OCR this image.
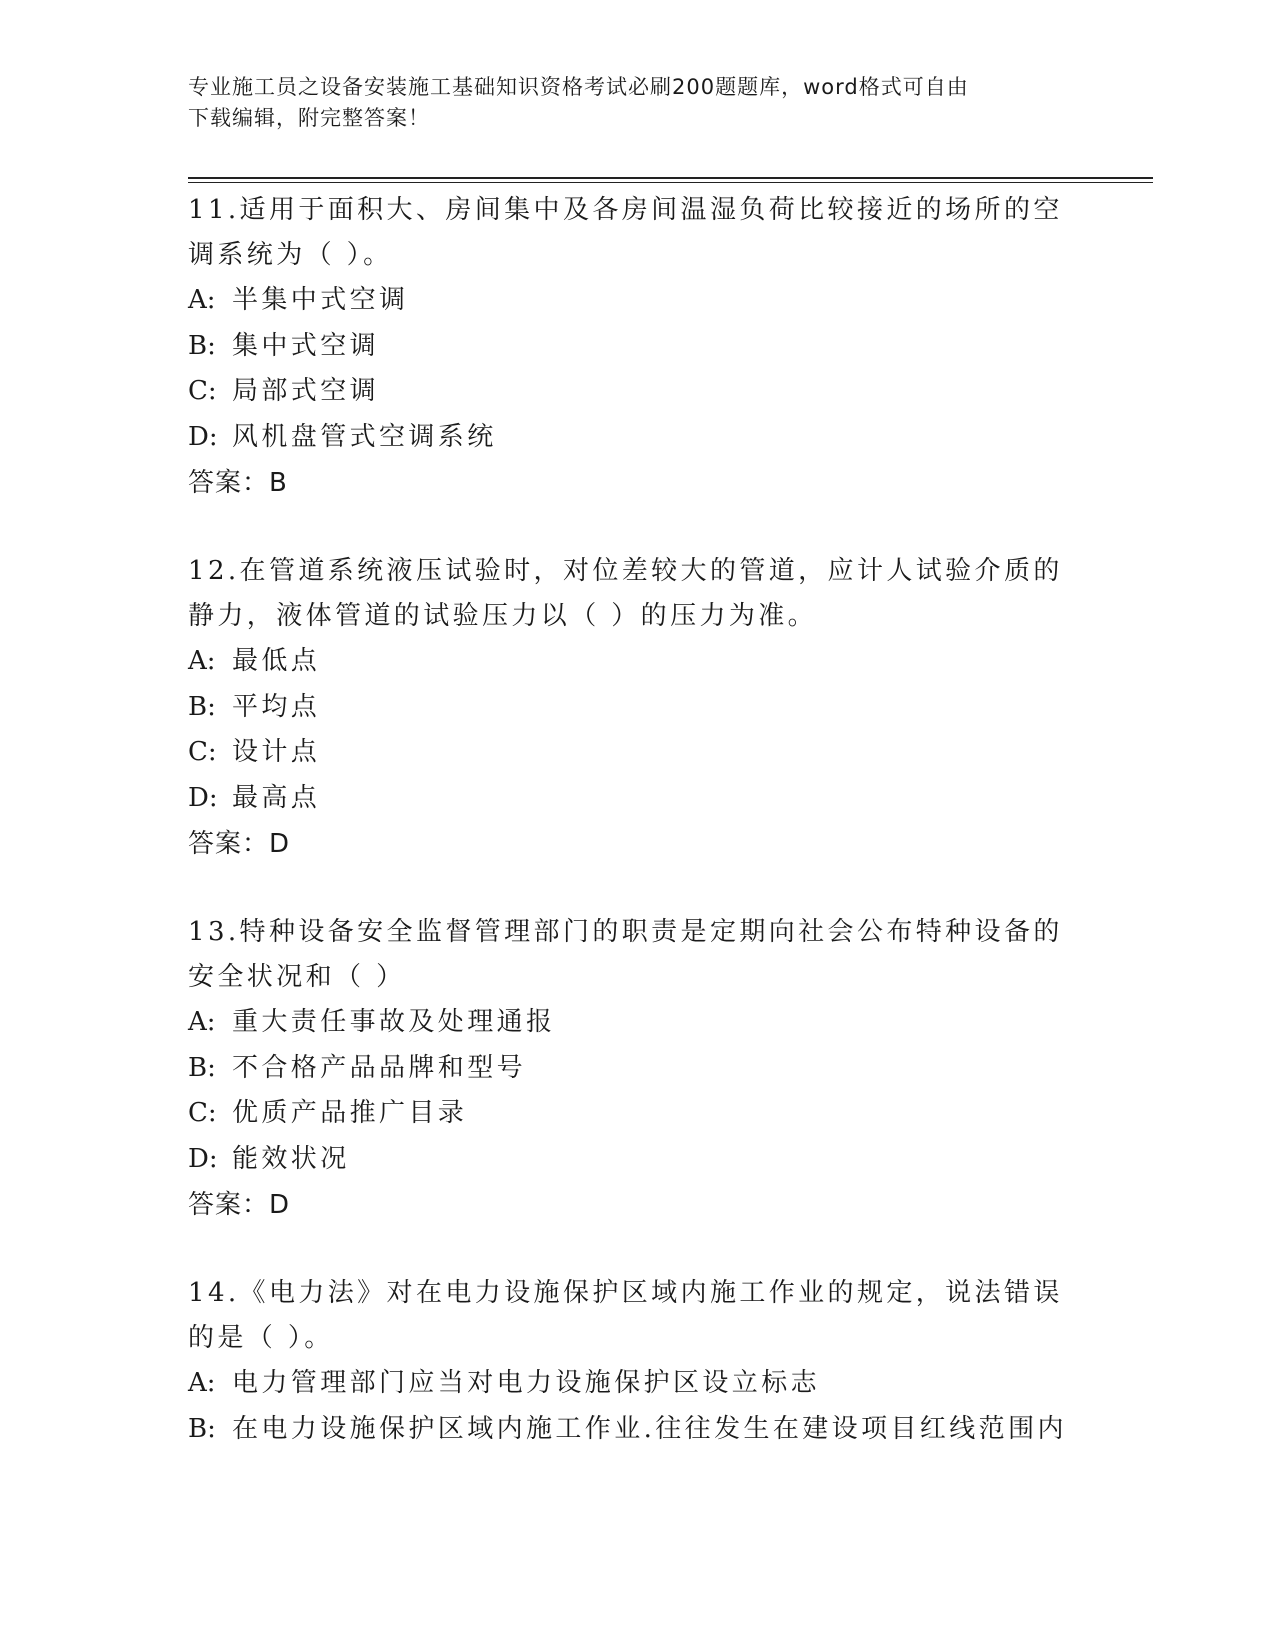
专业施工员之设备安装施工基础知识资格考试必刷200题题库，word格式可自由
下载编辑，附完整答案！
11.适用于面积大、房间集中及各房间温湿负荷比较接近的场所的空调系统为（ ）。
A: 半集中式空调
B: 集中式空调
C: 局部式空调
D: 风机盘管式空调系统
答案：B
12.在管道系统液压试验时，对位差较大的管道，应计人试验介质的静力，液体管道的试验压力以（ ）的压力为准。
A: 最低点
B: 平均点
C: 设计点
D: 最高点
答案：D
13.特种设备安全监督管理部门的职责是定期向社会公布特种设备的安全状况和（ ）
A: 重大责任事故及处理通报
B: 不合格产品品牌和型号
C: 优质产品推广目录
D: 能效状况
答案：D
14.《电力法》对在电力设施保护区域内施工作业的规定，说法错误的是（ ）。
A: 电力管理部门应当对电力设施保护区设立标志
B: 在电力设施保护区域内施工作业.往往发生在建设项目红线范围内
